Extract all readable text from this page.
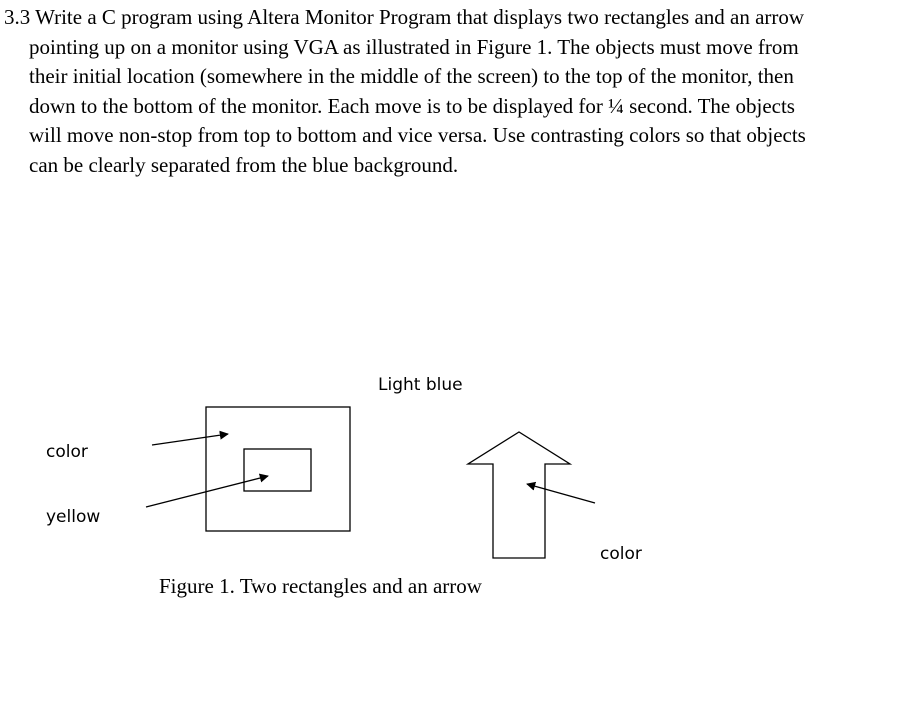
3.3 Write a C program using Altera Monitor Program that displays two rectangles and an arrow
pointing up on a monitor using VGA as illustrated in Figure 1. The objects must move from
their initial location (somewhere in the middle of the screen) to the top of the monitor, then
down to the bottom of the monitor. Each move is to be displayed for ¼ second. The objects
will move non-stop from top to bottom and vice versa. Use contrasting colors so that objects
can be clearly separated from the blue background.
Light blue
color
yellow
color
Figure 1. Two rectangles and an arrow
